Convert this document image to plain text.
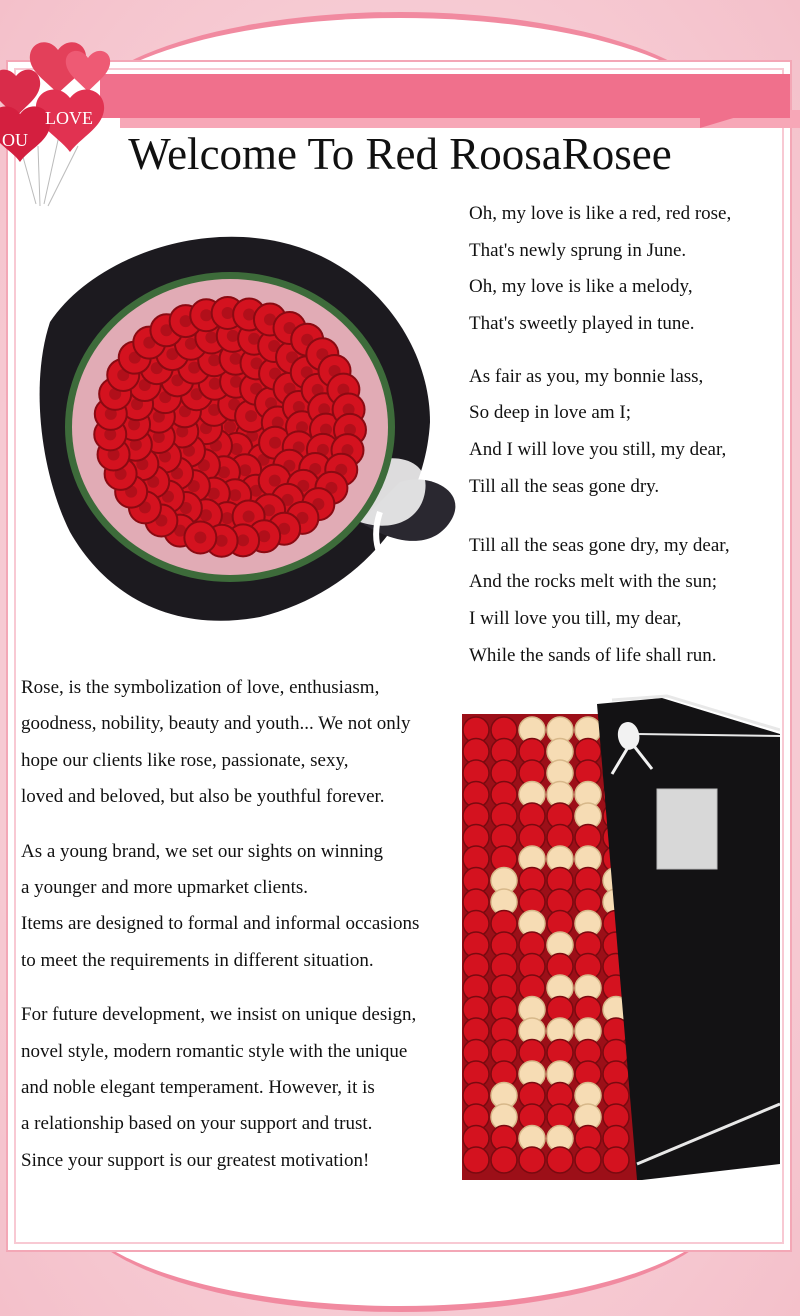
LOVE
OU	Welcome To Red RoosaRosee
Oh, my love is like a red, red rose,
That's newly sprung in June.
Oh, my love is like a melody,
That's sweetly played in tune.
As fair as you, my bonnie lass,
So deep in love am I;
And I will love you still, my dear,
Till all the seas gone dry.
Till all the seas gone dry, my dear,
And the rocks melt with the sun;
I will love you till, my dear,
While the sands of life shall run.
Rose, is the symbolization of love, enthusiasm,
goodness, nobility, beauty and youth... We not only
hope our clients like rose, passionate, sexy,
loved and beloved, but also be youthful forever.
As a young brand, we set our sights on winning
a younger and more upmarket clients.
Items are designed to formal and informal occasions
to meet the requirements in different situation.
For future development, we insist on unique design,
novel style, modern romantic style with the unique
and noble elegant temperament. However, it is
a relationship based on your support and trust.
Since your support is our greatest motivation!
